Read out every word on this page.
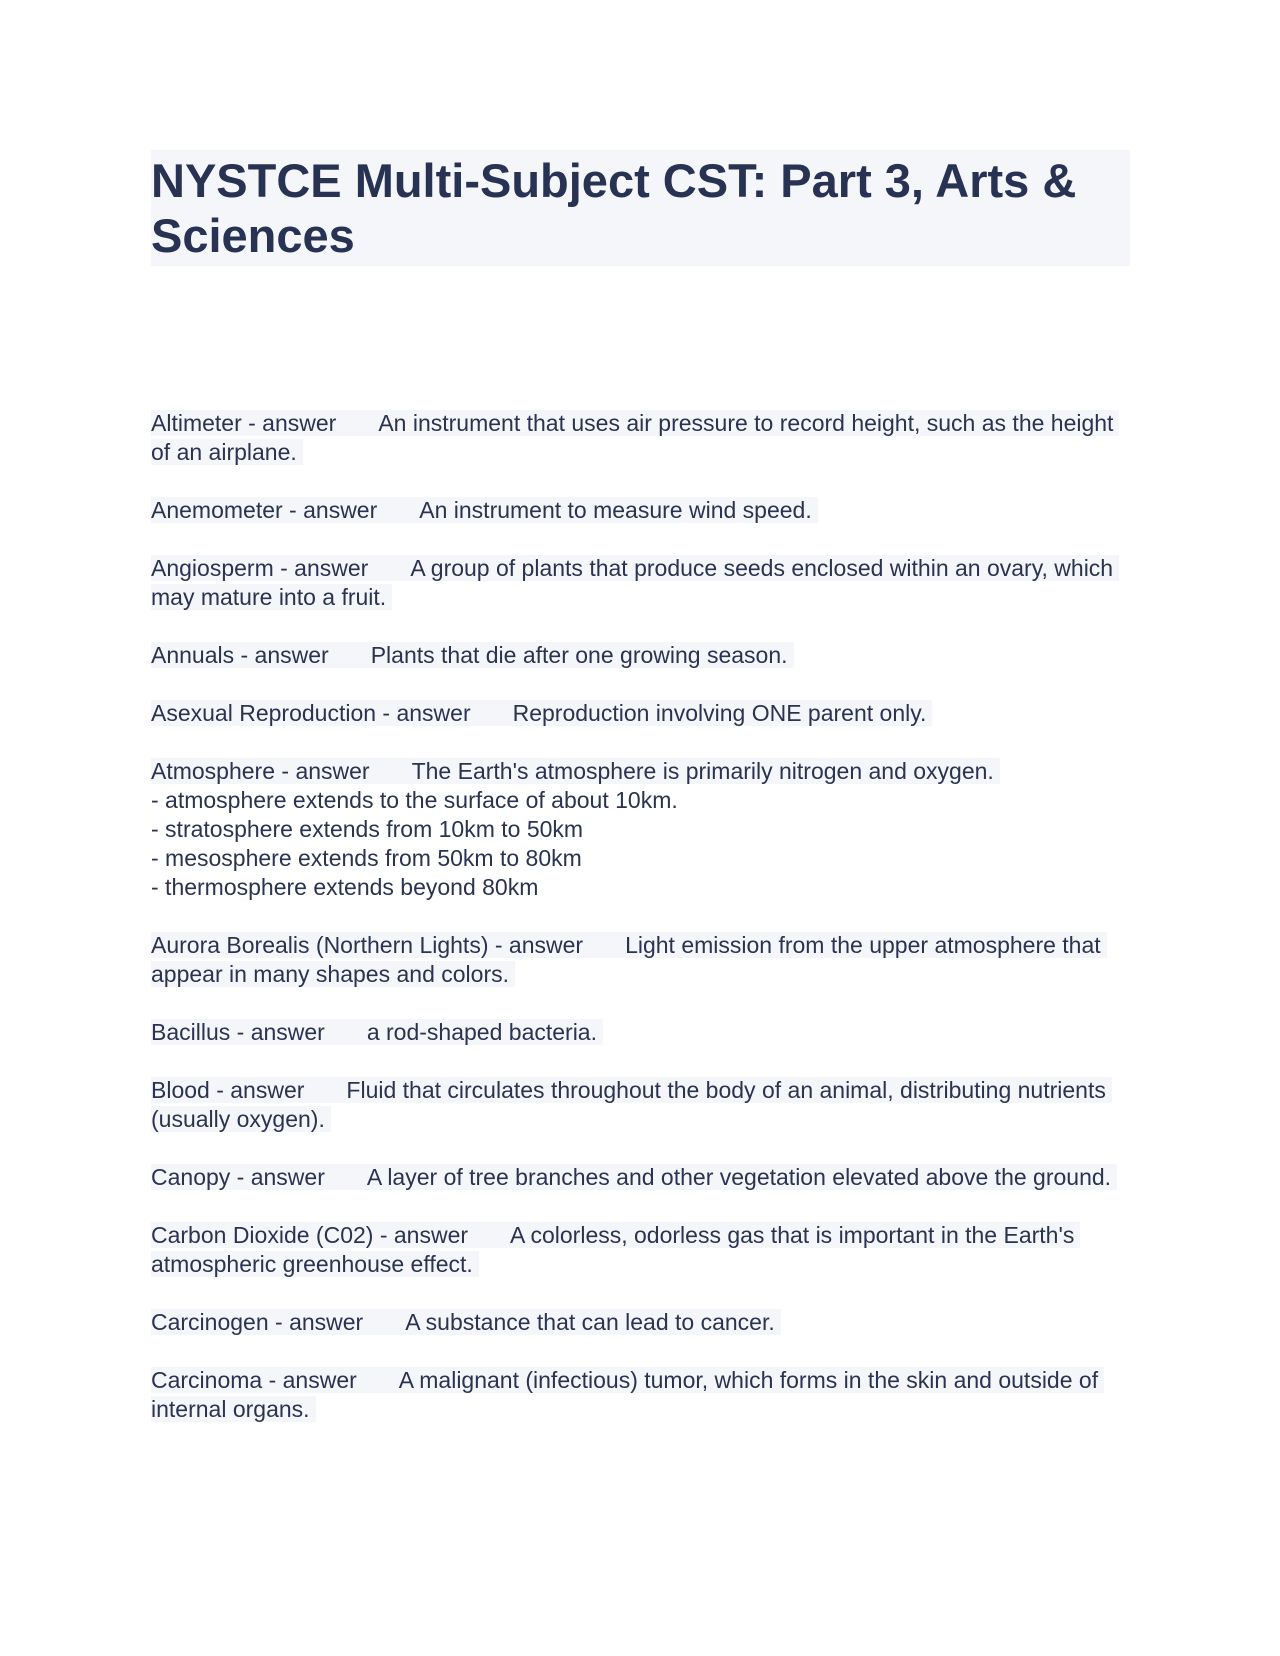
NYSTCE Multi-Subject CST: Part 3, Arts & Sciences

Altimeter - answer An instrument that uses air pressure to record height, such as the height of an airplane.

Anemometer - answer An instrument to measure wind speed.

Angiosperm - answer A group of plants that produce seeds enclosed within an ovary, which may mature into a fruit.

Annuals - answer Plants that die after one growing season.

Asexual Reproduction - answer Reproduction involving ONE parent only.

Atmosphere - answer The Earth's atmosphere is primarily nitrogen and oxygen.
- atmosphere extends to the surface of about 10km.
- stratosphere extends from 10km to 50km
- mesosphere extends from 50km to 80km
- thermosphere extends beyond 80km

Aurora Borealis (Northern Lights) - answer Light emission from the upper atmosphere that appear in many shapes and colors.

Bacillus - answer a rod-shaped bacteria.

Blood - answer Fluid that circulates throughout the body of an animal, distributing nutrients (usually oxygen).

Canopy - answer A layer of tree branches and other vegetation elevated above the ground.

Carbon Dioxide (C02) - answer A colorless, odorless gas that is important in the Earth's atmospheric greenhouse effect.

Carcinogen - answer A substance that can lead to cancer.

Carcinoma - answer A malignant (infectious) tumor, which forms in the skin and outside of internal organs.
